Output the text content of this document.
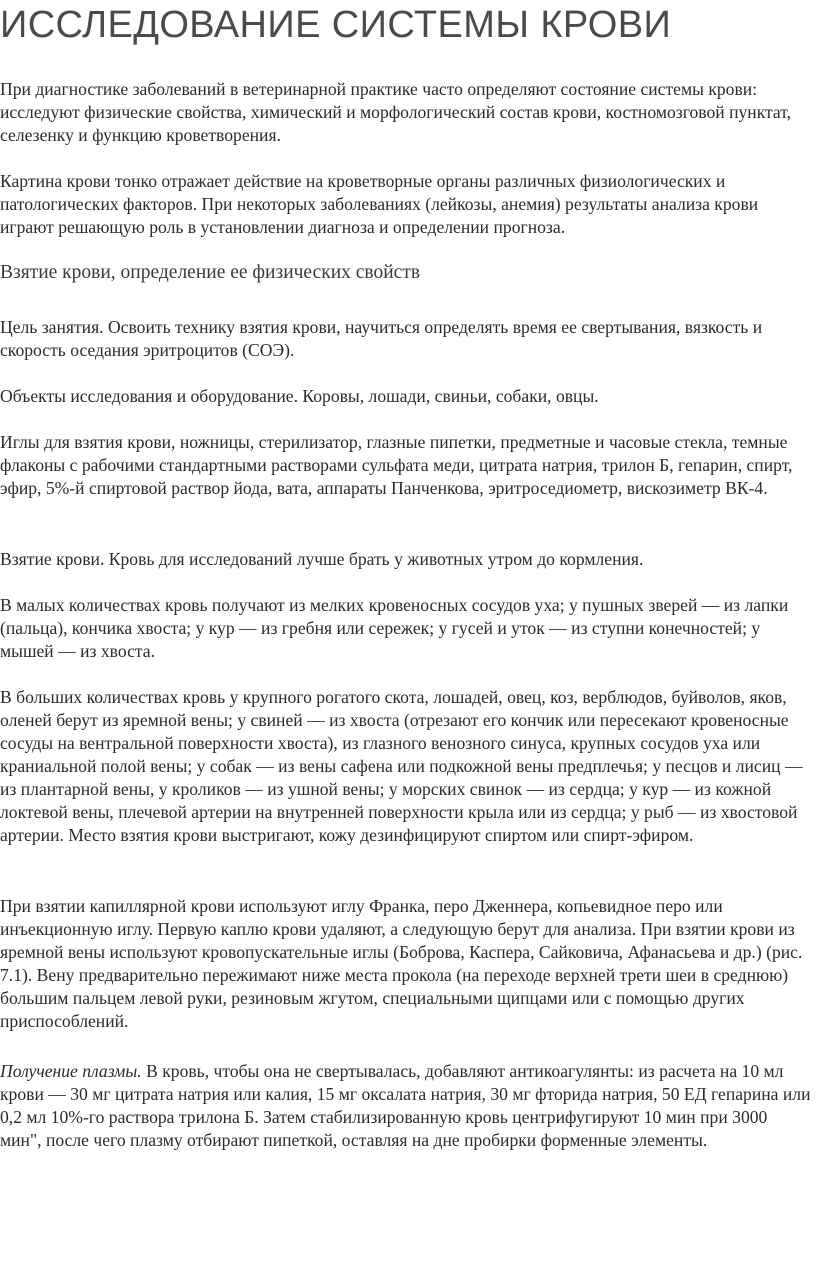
ИССЛЕДОВАНИЕ СИСТЕМЫ КРОВИ

При диагностике заболеваний в ветеринарной практике часто определяют состояние системы крови: исследуют физические свойства, химический и морфологический состав крови, костномозговой пунктат, селезенку и функцию кроветворения.

Картина крови тонко отражает действие на кроветворные органы различных физиологических и патологических факторов. При некоторых заболеваниях (лейкозы, анемия) результаты анализа крови играют решающую роль в установлении диагноза и определении прогноза.

Взятие крови, определение ее физических свойств

Цель занятия. Освоить технику взятия крови, научиться определять время ее свертывания, вязкость и скорость оседания эритроцитов (СОЭ).

Объекты исследования и оборудование. Коровы, лошади, свиньи, собаки, овцы.

Иглы для взятия крови, ножницы, стерилизатор, глазные пипетки, предметные и часовые стекла, темные флаконы с рабочими стандартными растворами сульфата меди, цитрата натрия, трилон Б, гепарин, спирт, эфир, 5%-й спиртовой раствор йода, вата, аппараты Панченкова, эритроседиометр, вискозиметр ВК-4.

Взятие крови. Кровь для исследований лучше брать у животных утром до кормления.

В малых количествах кровь получают из мелких кровеносных сосудов уха; у пушных зверей — из лапки (пальца), кончика хвоста; у кур — из гребня или сережек; у гусей и уток — из ступни конечностей; у мышей — из хвоста.

В больших количествах кровь у крупного рогатого скота, лошадей, овец, коз, верблюдов, буйволов, яков, оленей берут из яремной вены; у свиней — из хвоста (отрезают его кончик или пересекают кровеносные сосуды на вентральной поверхности хвоста), из глазного венозного синуса, крупных сосудов уха или краниальной полой вены; у собак — из вены сафена или подкожной вены предплечья; у песцов и лисиц — из плантарной вены, у кроликов — из ушной вены; у морских свинок — из сердца; у кур — из кожной локтевой вены, плечевой артерии на внутренней поверхности крыла или из сердца; у рыб — из хвостовой артерии. Место взятия крови выстригают, кожу дезинфицируют спиртом или спирт-эфиром.

При взятии капиллярной крови используют иглу Франка, перо Дженнера, копьевидное перо или инъекционную иглу. Первую каплю крови удаляют, а следующую берут для анализа. При взятии крови из яремной вены используют кровопускательные иглы (Боброва, Каспера, Сайковича, Афанасьева и др.) (рис. 7.1). Вену предварительно пережимают ниже места прокола (на переходе верхней трети шеи в среднюю) большим пальцем левой руки, резиновым жгутом, специальными щипцами или с помощью других приспособлений.

Получение плазмы. В кровь, чтобы она не свертывалась, добавляют антикоагулянты: из расчета на 10 мл крови — 30 мг цитрата натрия или калия, 15 мг оксалата натрия, 30 мг фторида натрия, 50 ЕД гепарина или 0,2 мл 10%-го раствора трилона Б. Затем стабилизированную кровь центрифугируют 10 мин при 3000 мин", после чего плазму отбирают пипеткой, оставляя на дне пробирки форменные элементы.
